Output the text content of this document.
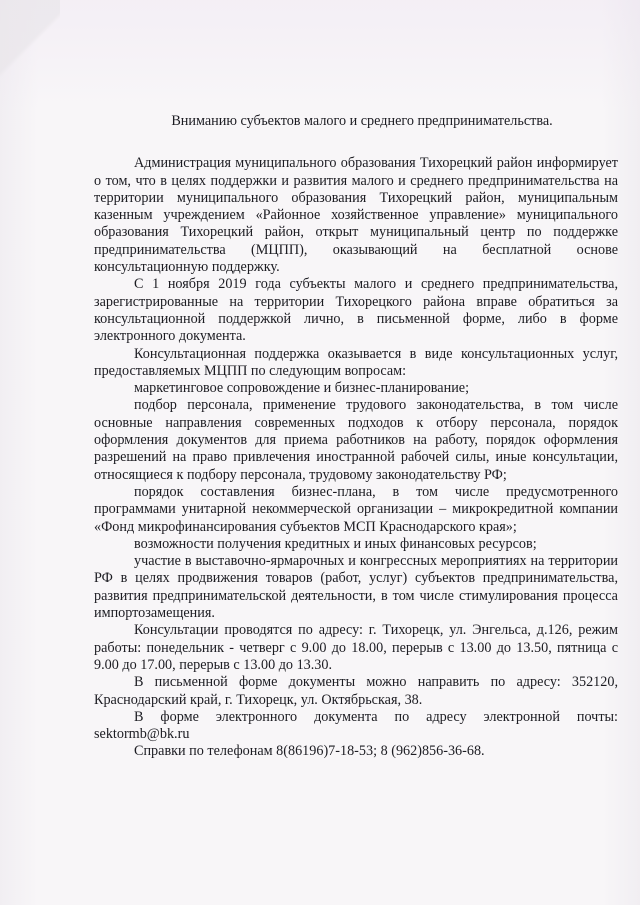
Вниманию субъектов малого и среднего предпринимательства.

Администрация муниципального образования Тихорецкий район информирует о том, что в целях поддержки и развития малого и среднего предпринимательства на территории муниципального образования Тихорецкий район, муниципальным казенным учреждением «Районное хозяйственное управление» муниципального образования Тихорецкий район, открыт муниципальный центр по поддержке предпринимательства (МЦПП), оказывающий на бесплатной основе консультационную поддержку.

С 1 ноября 2019 года субъекты малого и среднего предпринимательства, зарегистрированные на территории Тихорецкого района вправе обратиться за консультационной поддержкой лично, в письменной форме, либо в форме электронного документа.

Консультационная поддержка оказывается в виде консультационных услуг, предоставляемых МЦПП по следующим вопросам:

маркетинговое сопровождение и бизнес-планирование;

подбор персонала, применение трудового законодательства, в том числе основные направления современных подходов к отбору персонала, порядок оформления документов для приема работников на работу, порядок оформления разрешений на право привлечения иностранной рабочей силы, иные консультации, относящиеся к подбору персонала, трудовому законодательству РФ;

порядок составления бизнес-плана, в том числе предусмотренного программами унитарной некоммерческой организации – микрокредитной компании «Фонд микрофинансирования субъектов МСП Краснодарского края»;

возможности получения кредитных и иных финансовых ресурсов;

участие в выставочно-ярмарочных и конгрессных мероприятиях на территории РФ в целях продвижения товаров (работ, услуг) субъектов предпринимательства, развития предпринимательской деятельности, в том числе стимулирования процесса импортозамещения.

Консультации проводятся по адресу: г. Тихорецк, ул. Энгельса, д.126, режим работы: понедельник - четверг с 9.00 до 18.00, перерыв с 13.00 до 13.50, пятница с 9.00 до 17.00, перерыв с 13.00 до 13.30.

В письменной форме документы можно направить по адресу: 352120, Краснодарский край, г. Тихорецк, ул. Октябрьская, 38.

В форме электронного документа по адресу электронной почты: sektormb@bk.ru

Справки по телефонам 8(86196)7-18-53; 8 (962)856-36-68.
